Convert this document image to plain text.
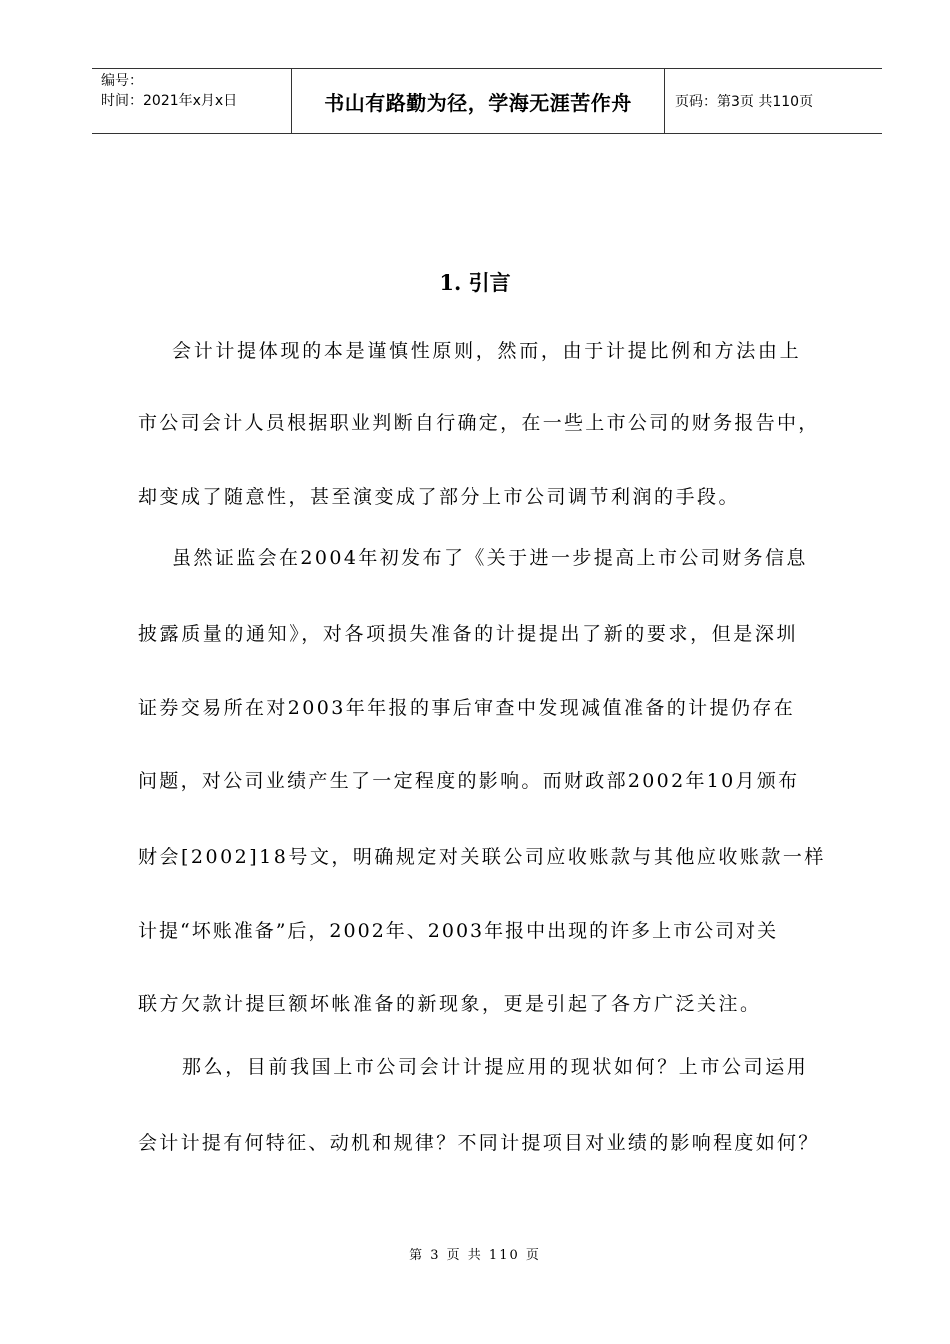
编号：
时间：2021年x月x日	书山有路勤为径，学海无涯苦作舟	页码：第3页 共110页
1. 引言
会计计提体现的本是谨慎性原则，然而，由于计提比例和方法由上
市公司会计人员根据职业判断自行确定，在一些上市公司的财务报告中，
却变成了随意性，甚至演变成了部分上市公司调节利润的手段。
虽然证监会在2004年初发布了《关于进一步提高上市公司财务信息
披露质量的通知》，对各项损失准备的计提提出了新的要求，但是深圳
证券交易所在对2003年年报的事后审查中发现减值准备的计提仍存在
问题，对公司业绩产生了一定程度的影响。而财政部2002年10月颁布
财会[2002]18号文，明确规定对关联公司应收账款与其他应收账款一样
计提“坏账准备”后，2002年、2003年报中出现的许多上市公司对关
联方欠款计提巨额坏帐准备的新现象，更是引起了各方广泛关注。
那么，目前我国上市公司会计计提应用的现状如何？上市公司运用
会计计提有何特征、动机和规律？不同计提项目对业绩的影响程度如何？
第 3 页 共 110 页
